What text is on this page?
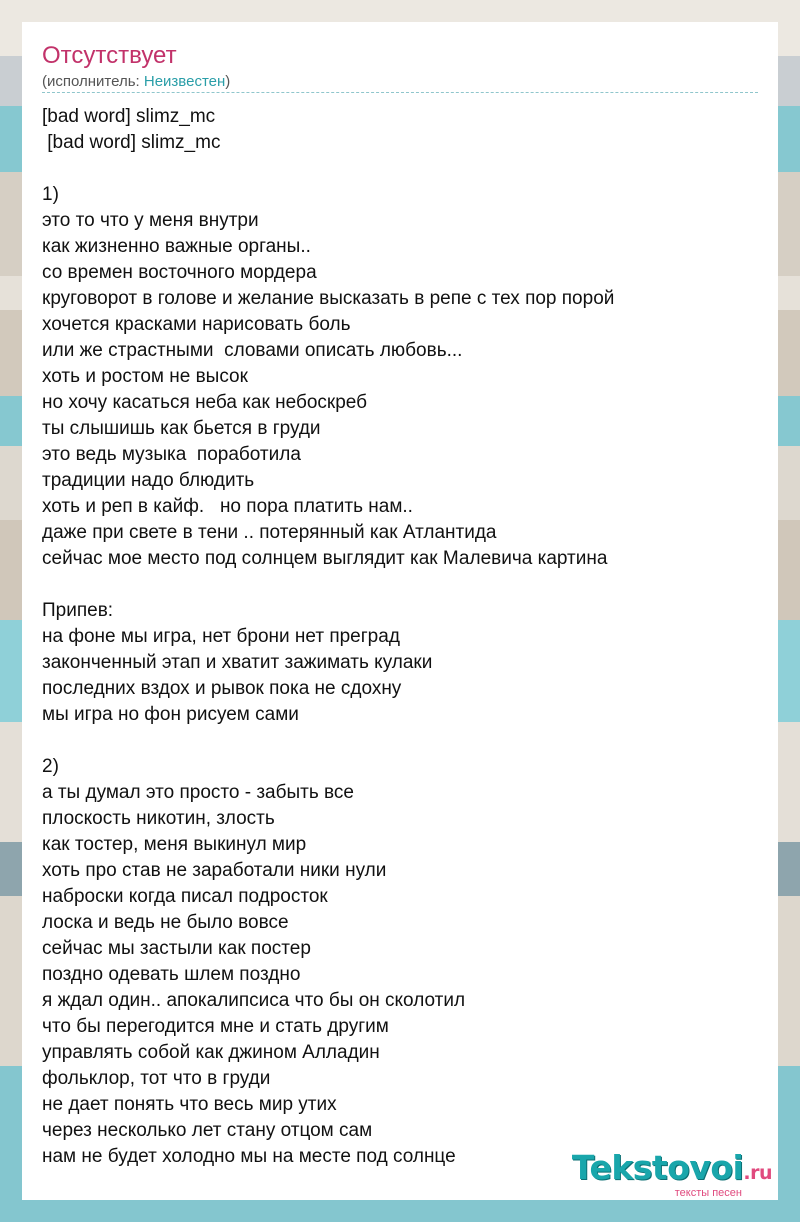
Отсутствует
(исполнитель: Неизвестен)
[bad word] slimz_mc
[bad word] slimz_mc
1)
это то что у меня внутри
как жизненно важные органы..
со времен восточного мордера
круговорот в голове и желание высказать в репе с тех пор порой
хочется красками нарисовать боль
или же страстными  словами описать любовь...
хоть и ростом не высок
но хочу касаться неба как небоскреб
ты слышишь как бьется в груди
это ведь музыка  поработила
традиции надо блюдить
хоть и реп в кайф.   но пора платить нам..
даже при свете в тени .. потерянный как Атлантида
сейчас мое место под солнцем выглядит как Малевича картина
Припев:
на фоне мы игра, нет брони нет преград
законченный этап и хватит зажимать кулаки
последних вздох и рывок пока не сдохну
мы игра но фон рисуем сами
2)
а ты думал это просто - забыть все
плоскость никотин, злость
как тостер, меня выкинул мир
хоть про став не заработали ники нули
наброски когда писал подросток
лоска и ведь не было вовсе
сейчас мы застыли как постер
поздно одевать шлем поздно
я ждал один.. апокалипсиса что бы он сколотил
что бы перегодится мне и стать другим
управлять собой как джином Алладин
фольклор, тот что в груди
не дает понять что весь мир утих
через несколько лет стану отцом сам
нам не будет холодно мы на месте под солнце	Tekstovoi.ru
тексты песен
